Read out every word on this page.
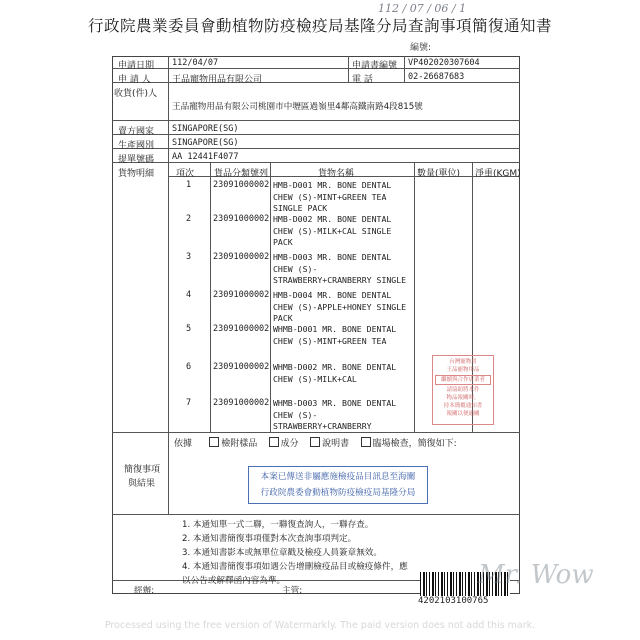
112 / 07 / 06 / 1
行政院農業委員會動植物防疫檢疫局基隆分局查詢事項簡復通知書
編號:
申請日期 112/04/07	申請書編號 VP402020307604
申 請 人 王品寵物用品有限公司	電 話	02-26687683
收貨(件)人
王品寵物用品有限公司桃園市中壢區過嶺里4鄰高鐵南路4段815號
賣方國家 SINGAPORE(SG)
生產國別 SINGAPORE(SG)
提單號碼 AA 12441F4077
貨物明細 項次 貨品分類號列	貨物名稱	數量(單位) 淨重(KGM)
1	23091000002 HMB-D001 MR. BONE DENTAL
CHEW (S)-MINT+GREEN TEA
SINGLE PACK
2	23091000002 HMB-D002 MR. BONE DENTAL
CHEW (S)-MILK+CAL SINGLE
PACK
3	23091000002 HMB-D003 MR. BONE DENTAL
CHEW (S)-
STRAWBERRY+CRANBERRY SINGLE
4	23091000002 HMB-D004 MR. BONE DENTAL
CHEW (S)-APPLE+HONEY SINGLE
PACK
5	23091000002 WHMB-D001 MR. BONE DENTAL
CHEW (S)-MINT+GREEN TEA
6	23091000002 WHMB-D002 MR. BONE DENTAL
CHEW (S)-MILK+CAL
7	23091000002 WHMB-D003 MR. BONE DENTAL
CHEW (S)-
STRAWBERRY+CRANBERRY
台灣寵物用
王品寵物用品
繼續與合作店業者
請協助將本件
物品報關時，
持本簡覆通知書
報關以便通關
簡復事項
與結果
依據	檢附樣品	成分	說明書	臨場檢查，簡復如下:
本案已傳送非屬應施檢疫品目訊息至海關
行政院農委會動植物防疫檢疫局基隆分局
1. 本通知單一式二聯，一聯復查詢人，一聯存查。
2. 本通知書簡復事項僅對本次查詢事項判定。
3. 本通知書影本或無單位章戳及檢疫人員簽章無效。
4. 本通知書簡復事項如遇公告增刪檢疫品目或檢疫條件，應
以公告或解釋函內容為準。
經辦:	主管:
4202103100765
Mr. Wow
Processed using the free version of Watermarkly. The paid version does not add this mark.
